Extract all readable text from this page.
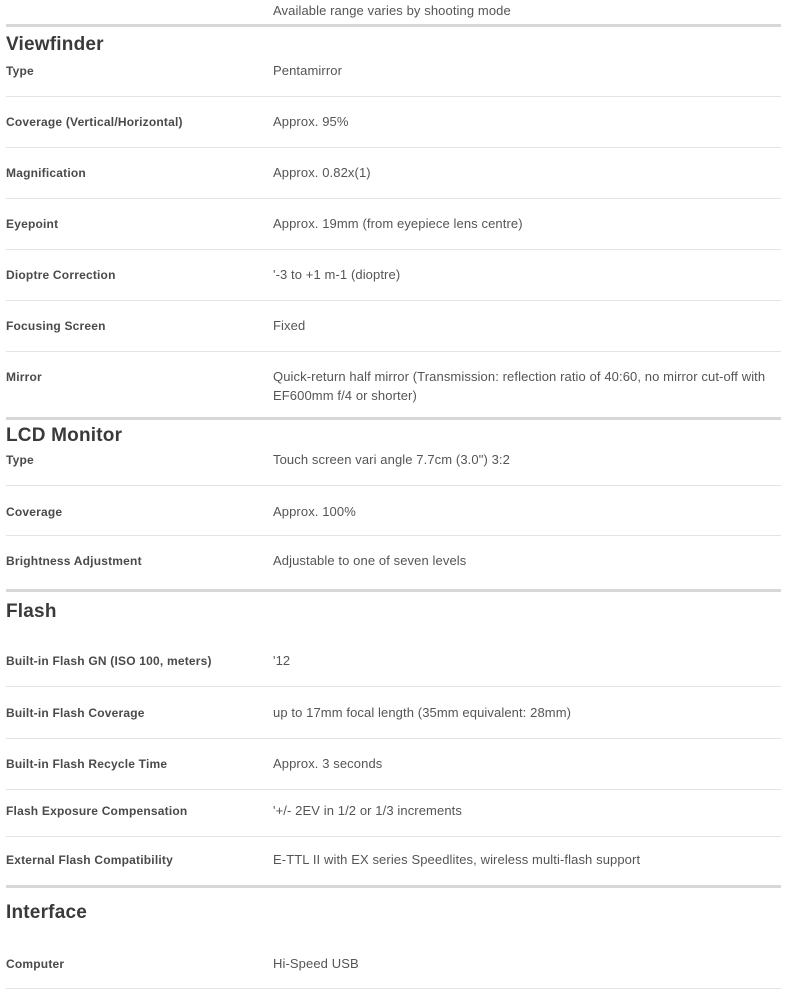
Available range varies by shooting mode
Viewfinder
Type	Pentamirror
Coverage (Vertical/Horizontal)	Approx. 95%
Magnification	Approx. 0.82x(1)
Eyepoint	Approx. 19mm (from eyepiece lens centre)
Dioptre Correction	'-3 to +1 m-1 (dioptre)
Focusing Screen	Fixed
Mirror	Quick-return half mirror (Transmission: reflection ratio of 40:60, no mirror cut-off with EF600mm f/4 or shorter)
LCD Monitor
Type	Touch screen vari angle 7.7cm (3.0") 3:2
Coverage	Approx. 100%
Brightness Adjustment	Adjustable to one of seven levels
Flash
Built-in Flash GN (ISO 100, meters)	'12
Built-in Flash Coverage	up to 17mm focal length (35mm equivalent: 28mm)
Built-in Flash Recycle Time	Approx. 3 seconds
Flash Exposure Compensation	'+/- 2EV in 1/2 or 1/3 increments
External Flash Compatibility	E-TTL II with EX series Speedlites, wireless multi-flash support
Interface
Computer	Hi-Speed USB
